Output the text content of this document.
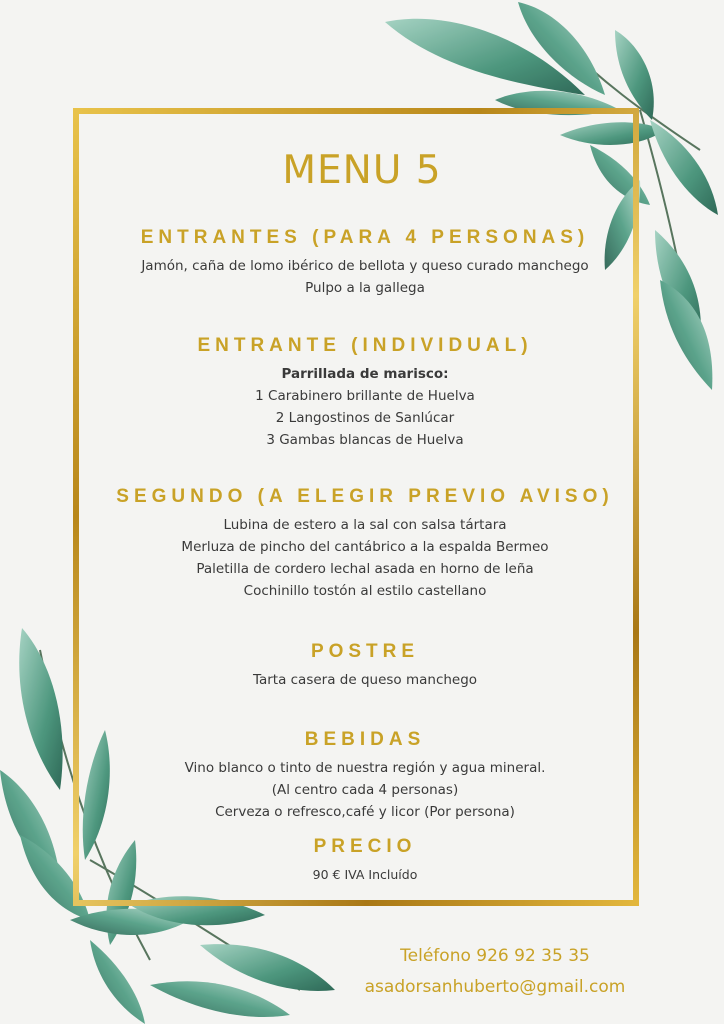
MENU 5
ENTRANTES (PARA 4 PERSONAS)

Jamón, caña de lomo ibérico de bellota y queso curado manchego

Pulpo a la gallega

ENTRANTE (INDIVIDUAL)

Parrillada de marisco:

1 Carabinero brillante de Huelva

2 Langostinos de Sanlúcar

3 Gambas blancas de Huelva

SEGUNDO (A ELEGIR PREVIO AVISO)

Lubina de estero a la sal con salsa tártara

Merluza de pincho del cantábrico a la espalda Bermeo

Paletilla de cordero lechal asada en horno de leña

Cochinillo tostón al estilo castellano

POSTRE

Tarta casera de queso manchego

BEBIDAS

Vino blanco o tinto de nuestra región y agua mineral.

(Al centro cada 4 personas)

Cerveza o refresco,café y licor (Por persona)

PRECIO

90 € IVA Incluído

Teléfono 926 92 35 35
asadorsanhuberto@gmail.com
